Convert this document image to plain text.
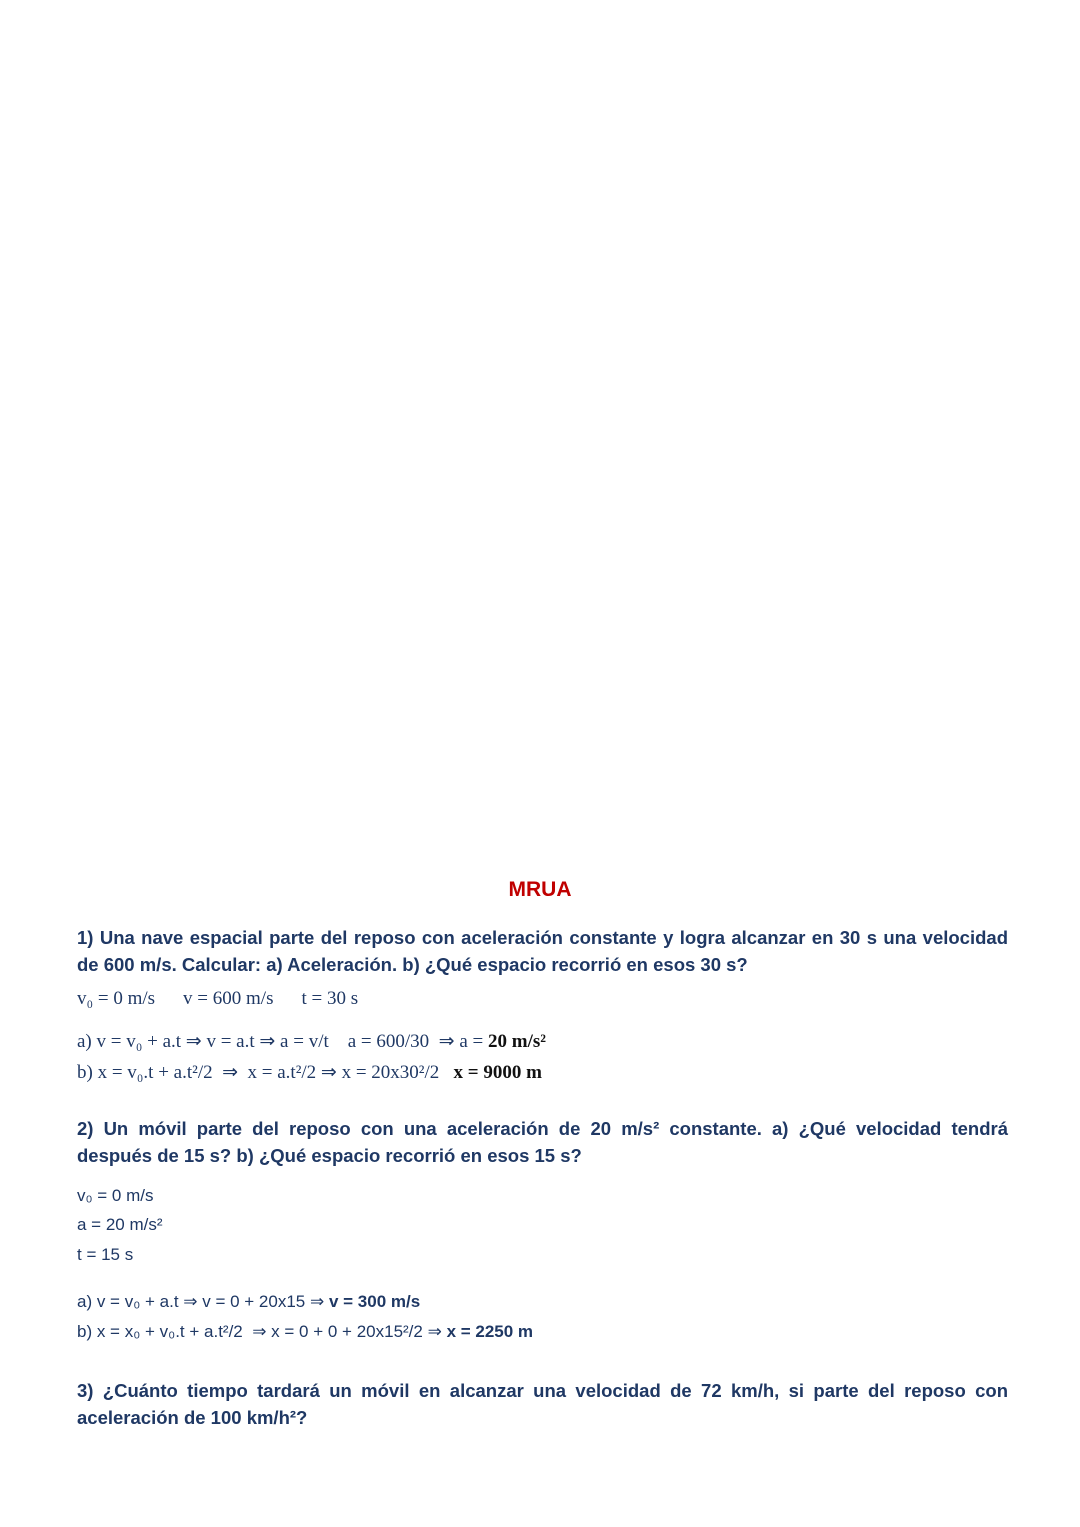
MRUA
1) Una nave espacial parte del reposo con aceleración constante y logra alcanzar en 30 s una velocidad
de 600 m/s. Calcular: a) Aceleración. b) ¿Qué espacio recorrió en esos 30 s?
v₀ = 0 m/s v = 600 m/s t = 30 s
a) v = v₀ + a.t ⇒ v = a.t ⇒ a = v/t    a = 600/30  ⇒ a = 20 m/s²
b) x = v₀.t + a.t²/2  ⇒  x = a.t²/2 ⇒ x = 20x30²/2   x = 9000 m
2) Un móvil parte del reposo con una aceleración de 20 m/s² constante. a) ¿Qué velocidad tendrá
después de 15 s? b) ¿Qué espacio recorrió en esos 15 s?
v₀ = 0 m/s
a = 20 m/s²
t = 15 s
a) v = v₀ + a.t ⇒ v = 0 + 20x15 ⇒ v = 300 m/s
b) x = x₀ + v₀.t + a.t²/2  ⇒ x = 0 + 0 + 20x15²/2 ⇒ x = 2250 m
3) ¿Cuánto tiempo tardará un móvil en alcanzar una velocidad de 72 km/h, si parte del reposo con
aceleración de 100 km/h²?
